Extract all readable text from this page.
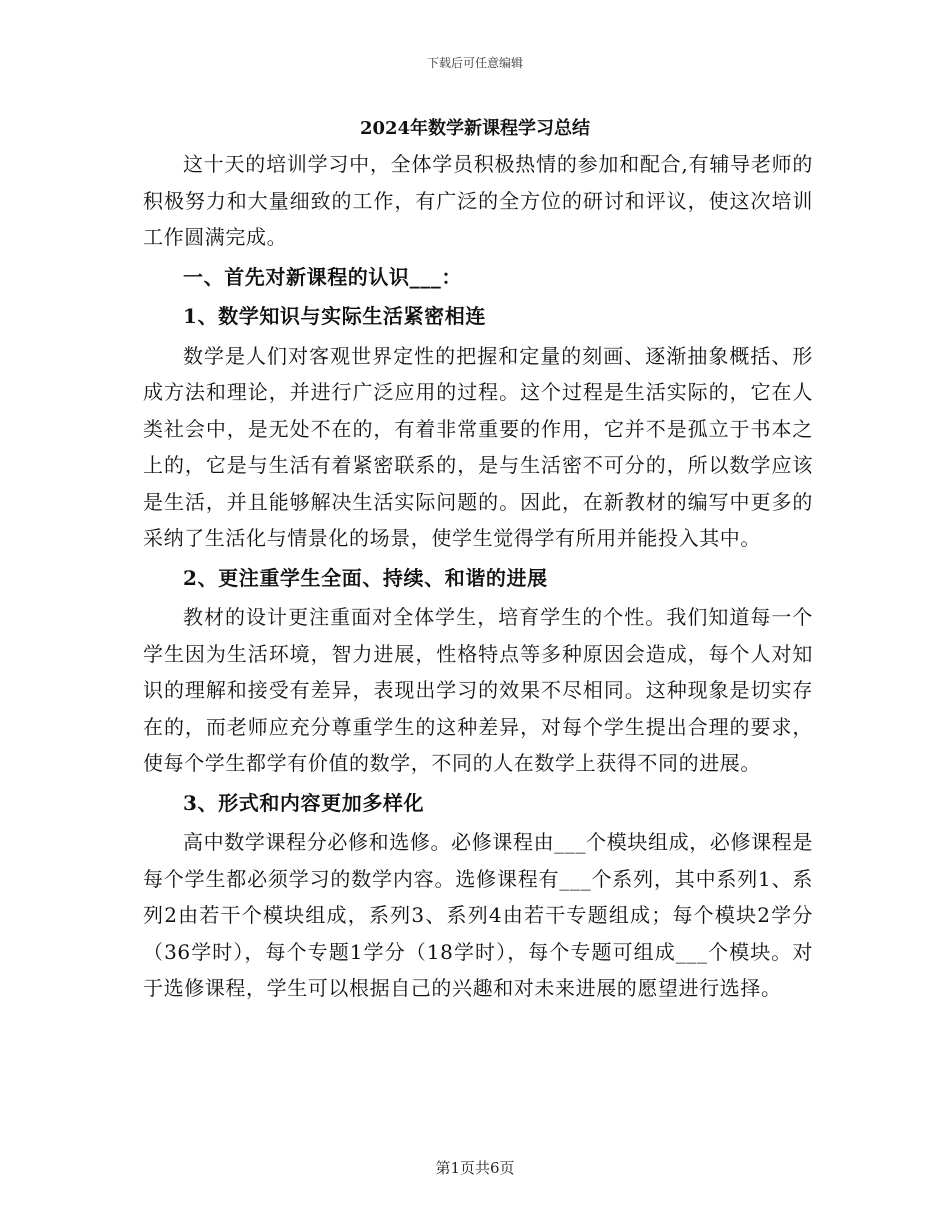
下载后可任意编辑
2024年数学新课程学习总结

这十天的培训学习中，全体学员积极热情的参加和配合,有辅导老师的积极努力和大量细致的工作，有广泛的全方位的研讨和评议，使这次培训工作圆满完成。

一、首先对新课程的认识___：

1、数学知识与实际生活紧密相连

数学是人们对客观世界定性的把握和定量的刻画、逐渐抽象概括、形成方法和理论，并进行广泛应用的过程。这个过程是生活实际的，它在人类社会中，是无处不在的，有着非常重要的作用，它并不是孤立于书本之上的，它是与生活有着紧密联系的，是与生活密不可分的，所以数学应该是生活，并且能够解决生活实际问题的。因此，在新教材的编写中更多的采纳了生活化与情景化的场景，使学生觉得学有所用并能投入其中。

2、更注重学生全面、持续、和谐的进展

教材的设计更注重面对全体学生，培育学生的个性。我们知道每一个学生因为生活环境，智力进展，性格特点等多种原因会造成，每个人对知识的理解和接受有差异，表现出学习的效果不尽相同。这种现象是切实存在的，而老师应充分尊重学生的这种差异，对每个学生提出合理的要求，使每个学生都学有价值的数学，不同的人在数学上获得不同的进展。

3、形式和内容更加多样化

高中数学课程分必修和选修。必修课程由___个模块组成，必修课程是每个学生都必须学习的数学内容。选修课程有___个系列，其中系列1、系列2由若干个模块组成，系列3、系列4由若干专题组成；每个模块2学分（36学时），每个专题1学分（18学时），每个专题可组成___个模块。对于选修课程，学生可以根据自己的兴趣和对未来进展的愿望进行选择。

第1页共6页
